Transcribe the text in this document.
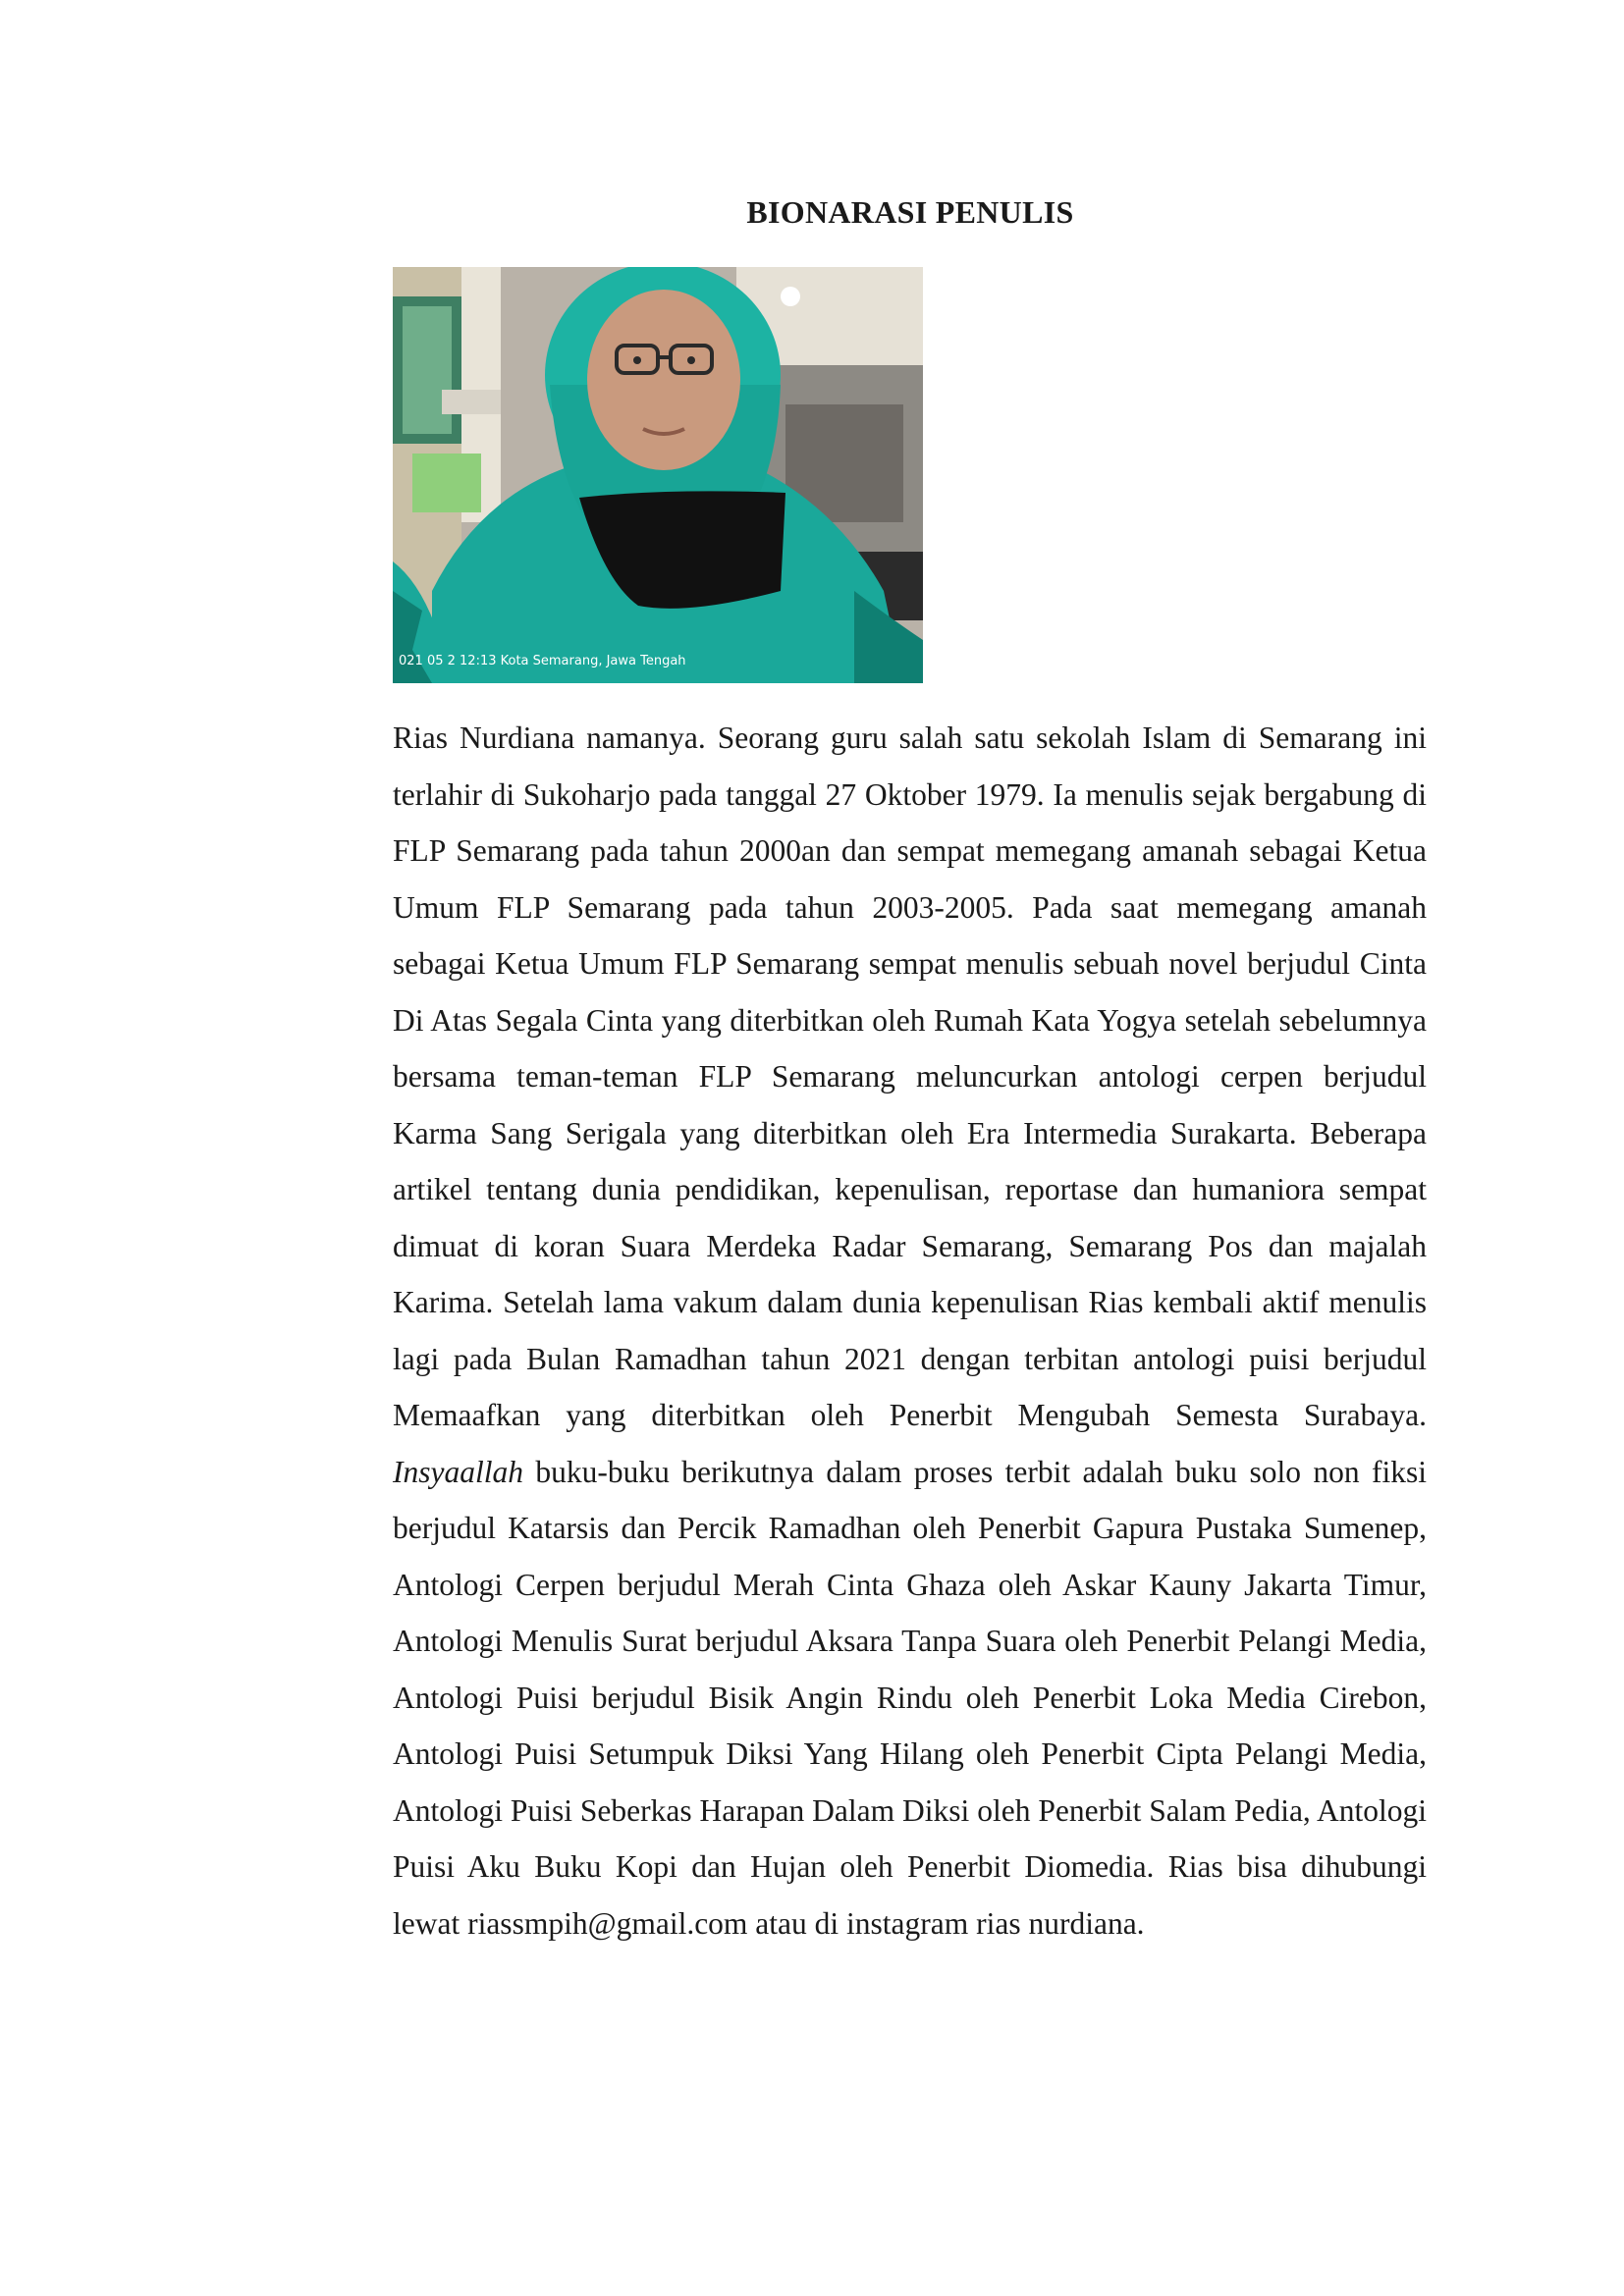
BIONARASI PENULIS
021 05 2 12:13 Kota Semarang, Jawa Tengah

Rias Nurdiana namanya. Seorang guru salah satu sekolah Islam di Semarang ini terlahir di Sukoharjo pada tanggal 27 Oktober 1979. Ia menulis sejak bergabung di FLP Semarang pada tahun 2000an dan sempat memegang amanah sebagai Ketua Umum FLP Semarang pada tahun 2003-2005. Pada saat memegang amanah sebagai Ketua Umum FLP Semarang sempat menulis sebuah novel berjudul Cinta Di Atas Segala Cinta yang diterbitkan oleh Rumah Kata Yogya setelah sebelumnya bersama teman-teman FLP Semarang meluncurkan antologi cerpen berjudul Karma Sang Serigala yang diterbitkan oleh Era Intermedia Surakarta. Beberapa artikel tentang dunia pendidikan, kepenulisan, reportase dan humaniora sempat dimuat di koran Suara Merdeka Radar Semarang, Semarang Pos dan majalah Karima. Setelah lama vakum dalam dunia kepenulisan Rias kembali aktif menulis lagi pada Bulan Ramadhan tahun 2021 dengan terbitan antologi puisi berjudul Memaafkan yang diterbitkan oleh Penerbit Mengubah Semesta Surabaya. Insyaallah buku-buku berikutnya dalam proses terbit adalah buku solo non fiksi berjudul Katarsis dan Percik Ramadhan oleh Penerbit Gapura Pustaka Sumenep, Antologi Cerpen berjudul Merah Cinta Ghaza oleh Askar Kauny Jakarta Timur, Antologi Menulis Surat berjudul Aksara Tanpa Suara oleh Penerbit Pelangi Media, Antologi Puisi berjudul Bisik Angin Rindu oleh Penerbit Loka Media Cirebon, Antologi Puisi Setumpuk Diksi Yang Hilang oleh Penerbit Cipta Pelangi Media, Antologi Puisi Seberkas Harapan Dalam Diksi oleh Penerbit Salam Pedia, Antologi Puisi Aku Buku Kopi dan Hujan oleh Penerbit Diomedia. Rias bisa dihubungi lewat riassmpih@gmail.com atau di instagram rias nurdiana.
